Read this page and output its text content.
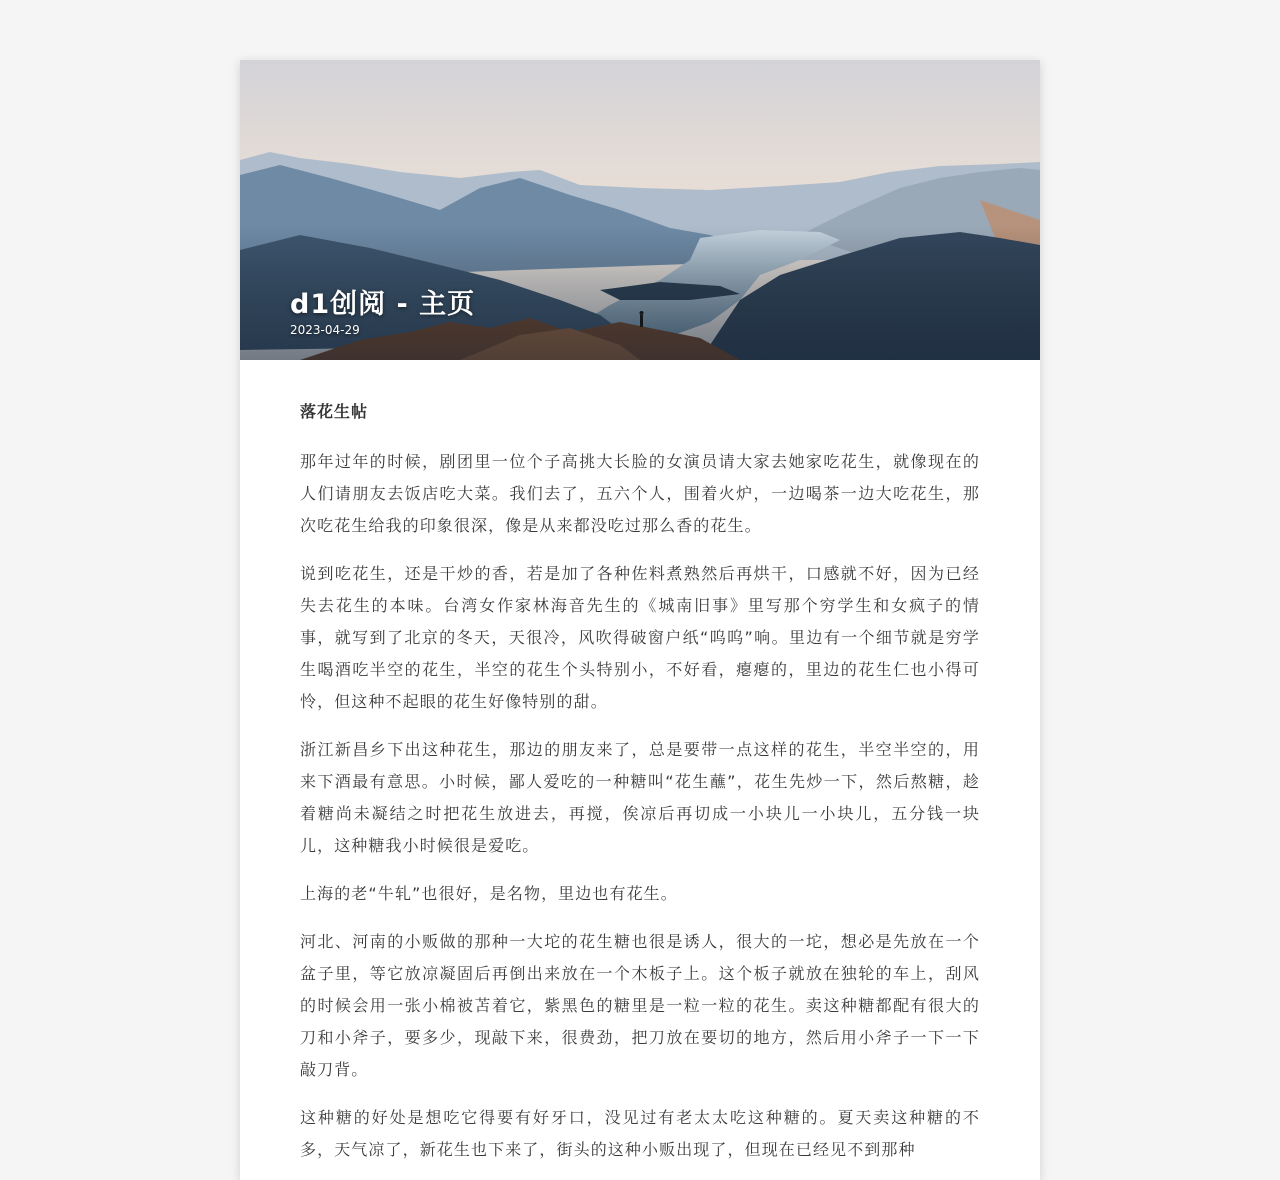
d1创阅 - 主页
2023-04-29
落花生帖

那年过年的时候，剧团里一位个子高挑大长脸的女演员请大家去她家吃花生，就像现在的人们请朋友去饭店吃大菜。我们去了，五六个人，围着火炉，一边喝茶一边大吃花生，那次吃花生给我的印象很深，像是从来都没吃过那么香的花生。

说到吃花生，还是干炒的香，若是加了各种佐料煮熟然后再烘干，口感就不好，因为已经失去花生的本味。台湾女作家林海音先生的《城南旧事》里写那个穷学生和女疯子的情事，就写到了北京的冬天，天很冷，风吹得破窗户纸“呜呜”响。里边有一个细节就是穷学生喝酒吃半空的花生，半空的花生个头特别小，不好看，瘪瘪的，里边的花生仁也小得可怜，但这种不起眼的花生好像特别的甜。

浙江新昌乡下出这种花生，那边的朋友来了，总是要带一点这样的花生，半空半空的，用来下酒最有意思。小时候，鄙人爱吃的一种糖叫“花生蘸”，花生先炒一下，然后熬糖，趁着糖尚未凝结之时把花生放进去，再搅，俟凉后再切成一小块儿一小块儿，五分钱一块儿，这种糖我小时候很是爱吃。

上海的老“牛轧”也很好，是名物，里边也有花生。

河北、河南的小贩做的那种一大坨的花生糖也很是诱人，很大的一坨，想必是先放在一个盆子里，等它放凉凝固后再倒出来放在一个木板子上。这个板子就放在独轮的车上，刮风的时候会用一张小棉被苫着它，紫黑色的糖里是一粒一粒的花生。卖这种糖都配有很大的刀和小斧子，要多少，现敲下来，很费劲，把刀放在要切的地方，然后用小斧子一下一下敲刀背。

这种糖的好处是想吃它得要有好牙口，没见过有老太太吃这种糖的。夏天卖这种糖的不多，天气凉了，新花生也下来了，街头的这种小贩出现了，但现在已经见不到那种
